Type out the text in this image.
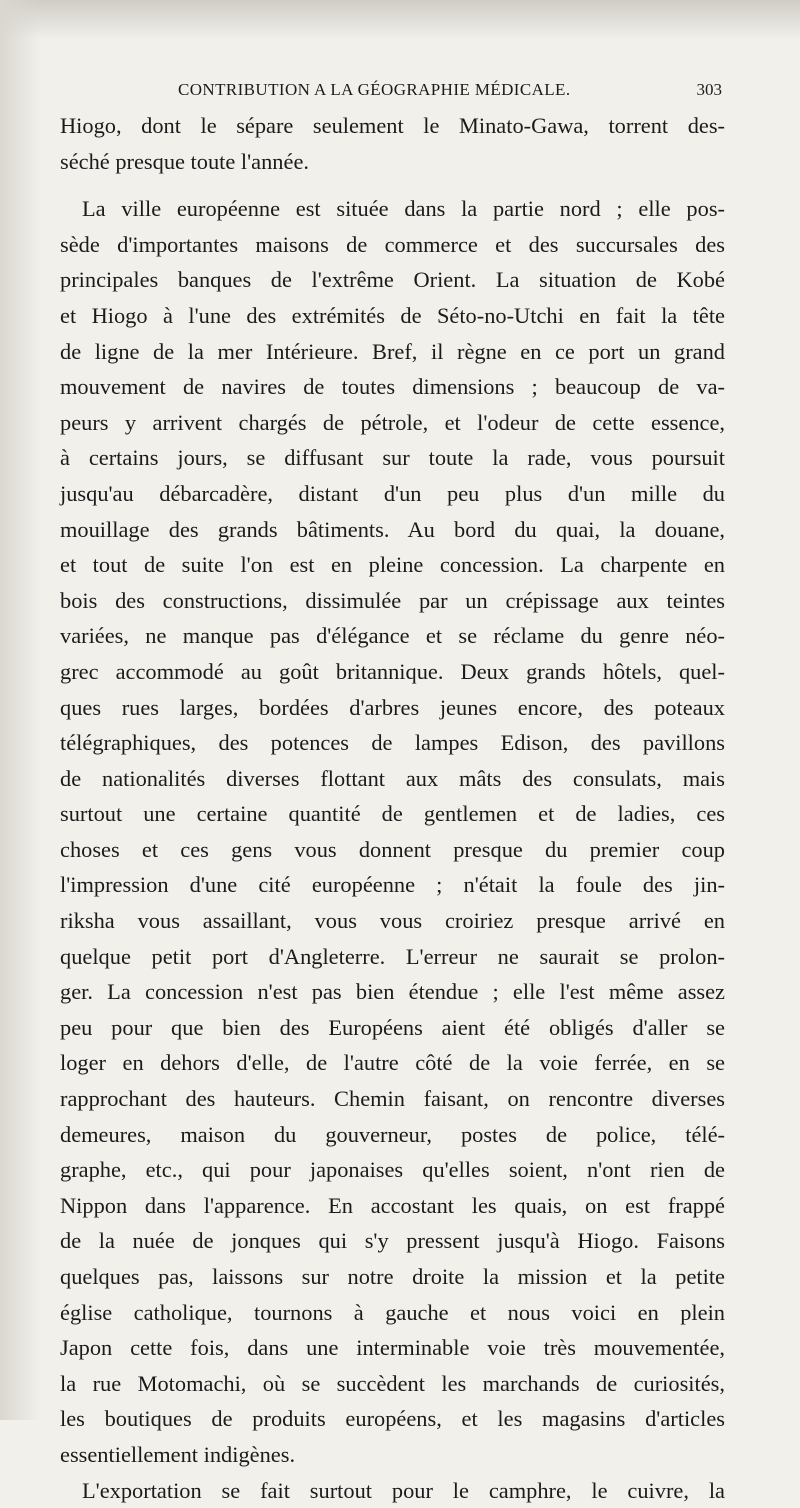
CONTRIBUTION A LA GÉOGRAPHIE MÉDICALE.	303
Hiogo, dont le sépare seulement le Minato-Gawa, torrent des-
séché presque toute l'année.
La ville européenne est située dans la partie nord ; elle pos-
sède d'importantes maisons de commerce et des succursales des
principales banques de l'extrême Orient. La situation de Kobé
et Hiogo à l'une des extrémités de Séto-no-Utchi en fait la tête
de ligne de la mer Intérieure. Bref, il règne en ce port un grand
mouvement de navires de toutes dimensions ; beaucoup de va-
peurs y arrivent chargés de pétrole, et l'odeur de cette essence,
à certains jours, se diffusant sur toute la rade, vous poursuit
jusqu'au débarcadère, distant d'un peu plus d'un mille du
mouillage des grands bâtiments. Au bord du quai, la douane,
et tout de suite l'on est en pleine concession. La charpente en
bois des constructions, dissimulée par un crépissage aux teintes
variées, ne manque pas d'élégance et se réclame du genre néo-
grec accommodé au goût britannique. Deux grands hôtels, quel-
ques rues larges, bordées d'arbres jeunes encore, des poteaux
télégraphiques, des potences de lampes Edison, des pavillons
de nationalités diverses flottant aux mâts des consulats, mais
surtout une certaine quantité de gentlemen et de ladies, ces
choses et ces gens vous donnent presque du premier coup
l'impression d'une cité européenne ; n'était la foule des jin-
riksha vous assaillant, vous vous croiriez presque arrivé en
quelque petit port d'Angleterre. L'erreur ne saurait se prolon-
ger. La concession n'est pas bien étendue ; elle l'est même assez
peu pour que bien des Européens aient été obligés d'aller se
loger en dehors d'elle, de l'autre côté de la voie ferrée, en se
rapprochant des hauteurs. Chemin faisant, on rencontre diverses
demeures, maison du gouverneur, postes de police, télé-
graphe, etc., qui pour japonaises qu'elles soient, n'ont rien de
Nippon dans l'apparence. En accostant les quais, on est frappé
de la nuée de jonques qui s'y pressent jusqu'à Hiogo. Faisons
quelques pas, laissons sur notre droite la mission et la petite
église catholique, tournons à gauche et nous voici en plein
Japon cette fois, dans une interminable voie très mouvementée,
la rue Motomachi, où se succèdent les marchands de curiosités,
les boutiques de produits européens, et les magasins d'articles
essentiellement indigènes.
L'exportation se fait surtout pour le camphre, le cuivre, la
